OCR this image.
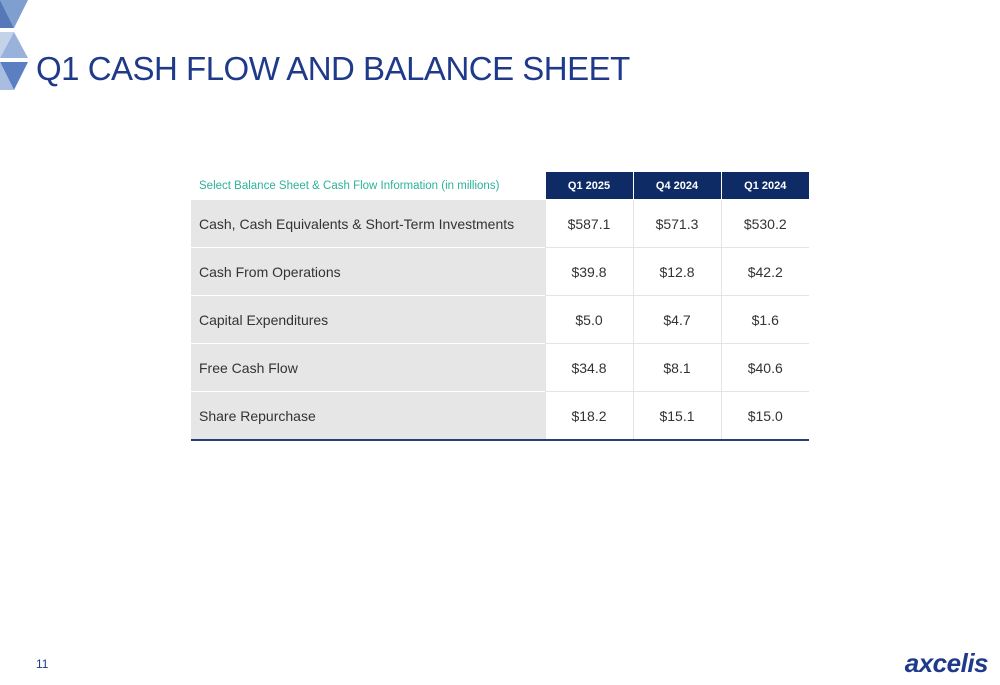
Q1 CASH FLOW AND BALANCE SHEET
Select Balance Sheet & Cash Flow Information (in millions)	Q1 2025	Q4 2024	Q1 2024
Cash, Cash Equivalents & Short-Term Investments	$587.1	$571.3	$530.2
Cash From Operations	$39.8	$12.8	$42.2
Capital Expenditures	$5.0	$4.7	$1.6
Free Cash Flow	$34.8	$8.1	$40.6
Share Repurchase	$18.2	$15.1	$15.0
11	axcelis
